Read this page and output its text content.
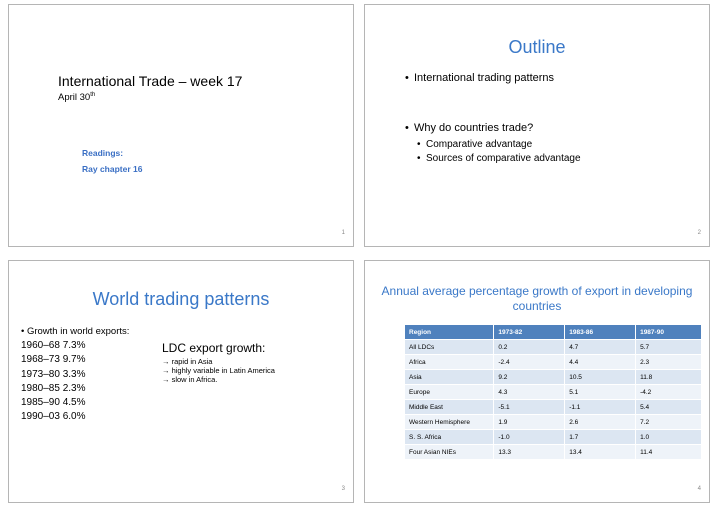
International Trade – week 17
April 30th
Readings:
Ray chapter 16
1
Outline
• International trading patterns
• Why do countries trade?
• Comparative advantage
• Sources of comparative advantage
2
World trading patterns
• Growth in world exports:
1960–68 7.3%
1968–73 9.7%
1973–80 3.3%
1980–85 2.3%
1985–90 4.5%
1990–03 6.0%
LDC export growth:
→ rapid in Asia
→ highly variable in Latin America
→ slow in Africa.
3
Annual average percentage growth of export in developing countries
Region	1973-82	1983-86	1987-90
All LDCs	0.2	4.7	5.7
Africa	-2.4	4.4	2.3
Asia	9.2	10.5	11.8
Europe	4.3	5.1	-4.2
Middle East	-5.1	-1.1	5.4
Western Hemisphere	1.9	2.6	7.2
S. S. Africa	-1.0	1.7	1.0
Four Asian NIEs	13.3	13.4	11.4
4
